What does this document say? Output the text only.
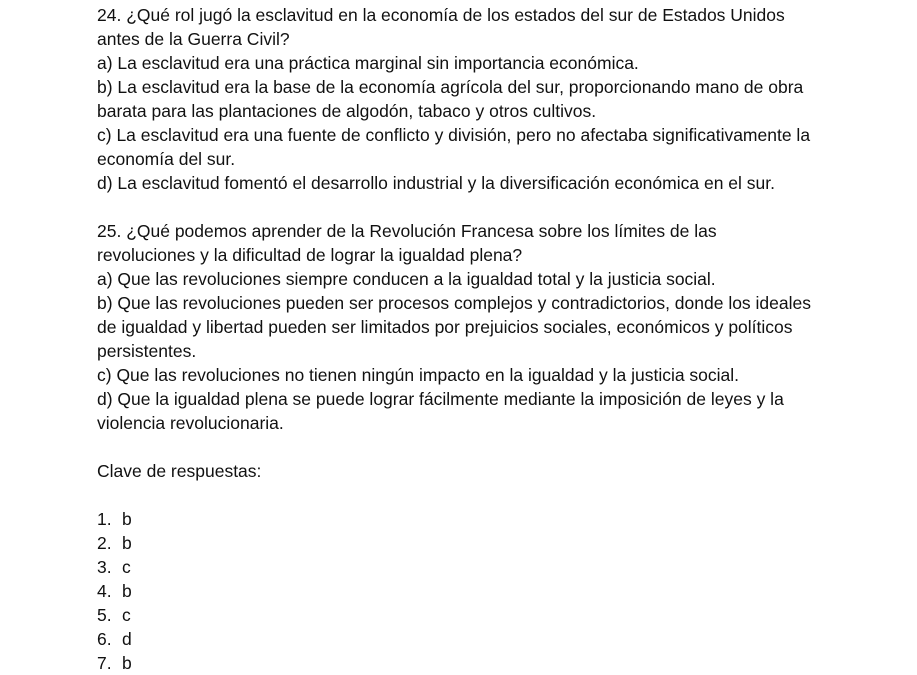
24. ¿Qué rol jugó la esclavitud en la economía de los estados del sur de Estados Unidos

antes de la Guerra Civil?

a) La esclavitud era una práctica marginal sin importancia económica.

b) La esclavitud era la base de la economía agrícola del sur, proporcionando mano de obra

barata para las plantaciones de algodón, tabaco y otros cultivos.

c) La esclavitud era una fuente de conflicto y división, pero no afectaba significativamente la

economía del sur.

d) La esclavitud fomentó el desarrollo industrial y la diversificación económica en el sur.

25. ¿Qué podemos aprender de la Revolución Francesa sobre los límites de las

revoluciones y la dificultad de lograr la igualdad plena?

a) Que las revoluciones siempre conducen a la igualdad total y la justicia social.

b) Que las revoluciones pueden ser procesos complejos y contradictorios, donde los ideales

de igualdad y libertad pueden ser limitados por prejuicios sociales, económicos y políticos

persistentes.

c) Que las revoluciones no tienen ningún impacto en la igualdad y la justicia social.

d) Que la igualdad plena se puede lograr fácilmente mediante la imposición de leyes y la

violencia revolucionaria.

Clave de respuestas:

1. b
2. b
3. c
4. b
5. c
6. d
7. b
